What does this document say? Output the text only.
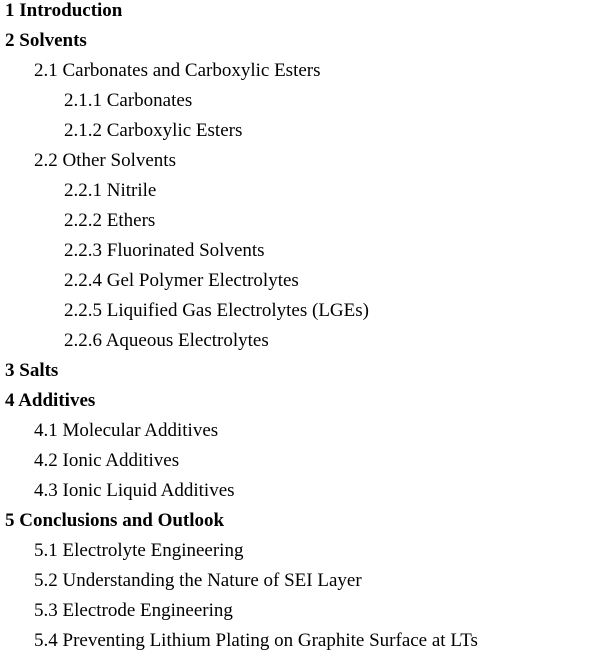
1 Introduction
2 Solvents
2.1 Carbonates and Carboxylic Esters
2.1.1 Carbonates
2.1.2 Carboxylic Esters
2.2 Other Solvents
2.2.1 Nitrile
2.2.2 Ethers
2.2.3 Fluorinated Solvents
2.2.4 Gel Polymer Electrolytes
2.2.5 Liquified Gas Electrolytes (LGEs)
2.2.6 Aqueous Electrolytes
3 Salts
4 Additives
4.1 Molecular Additives
4.2 Ionic Additives
4.3 Ionic Liquid Additives
5 Conclusions and Outlook
5.1 Electrolyte Engineering
5.2 Understanding the Nature of SEI Layer
5.3 Electrode Engineering
5.4 Preventing Lithium Plating on Graphite Surface at LTs
